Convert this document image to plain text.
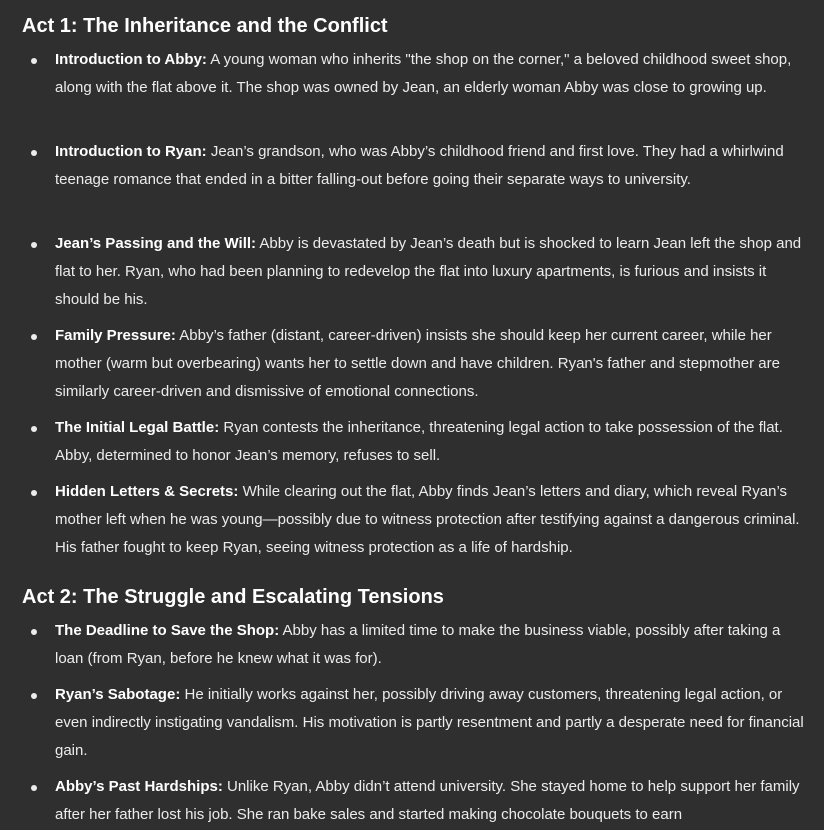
Act 1: The Inheritance and the Conflict
Introduction to Abby: A young woman who inherits "the shop on the corner," a beloved childhood sweet shop, along with the flat above it. The shop was owned by Jean, an elderly woman Abby was close to growing up.
Introduction to Ryan: Jean’s grandson, who was Abby’s childhood friend and first love. They had a whirlwind teenage romance that ended in a bitter falling-out before going their separate ways to university.
Jean’s Passing and the Will: Abby is devastated by Jean’s death but is shocked to learn Jean left the shop and flat to her. Ryan, who had been planning to redevelop the flat into luxury apartments, is furious and insists it should be his.
Family Pressure: Abby’s father (distant, career-driven) insists she should keep her current career, while her mother (warm but overbearing) wants her to settle down and have children. Ryan's father and stepmother are similarly career-driven and dismissive of emotional connections.
The Initial Legal Battle: Ryan contests the inheritance, threatening legal action to take possession of the flat. Abby, determined to honor Jean’s memory, refuses to sell.
Hidden Letters & Secrets: While clearing out the flat, Abby finds Jean’s letters and diary, which reveal Ryan’s mother left when he was young—possibly due to witness protection after testifying against a dangerous criminal. His father fought to keep Ryan, seeing witness protection as a life of hardship.
Act 2: The Struggle and Escalating Tensions
The Deadline to Save the Shop: Abby has a limited time to make the business viable, possibly after taking a loan (from Ryan, before he knew what it was for).
Ryan’s Sabotage: He initially works against her, possibly driving away customers, threatening legal action, or even indirectly instigating vandalism. His motivation is partly resentment and partly a desperate need for financial gain.
Abby’s Past Hardships: Unlike Ryan, Abby didn’t attend university. She stayed home to help support her family after her father lost his job. She ran bake sales and started making chocolate bouquets to earn
